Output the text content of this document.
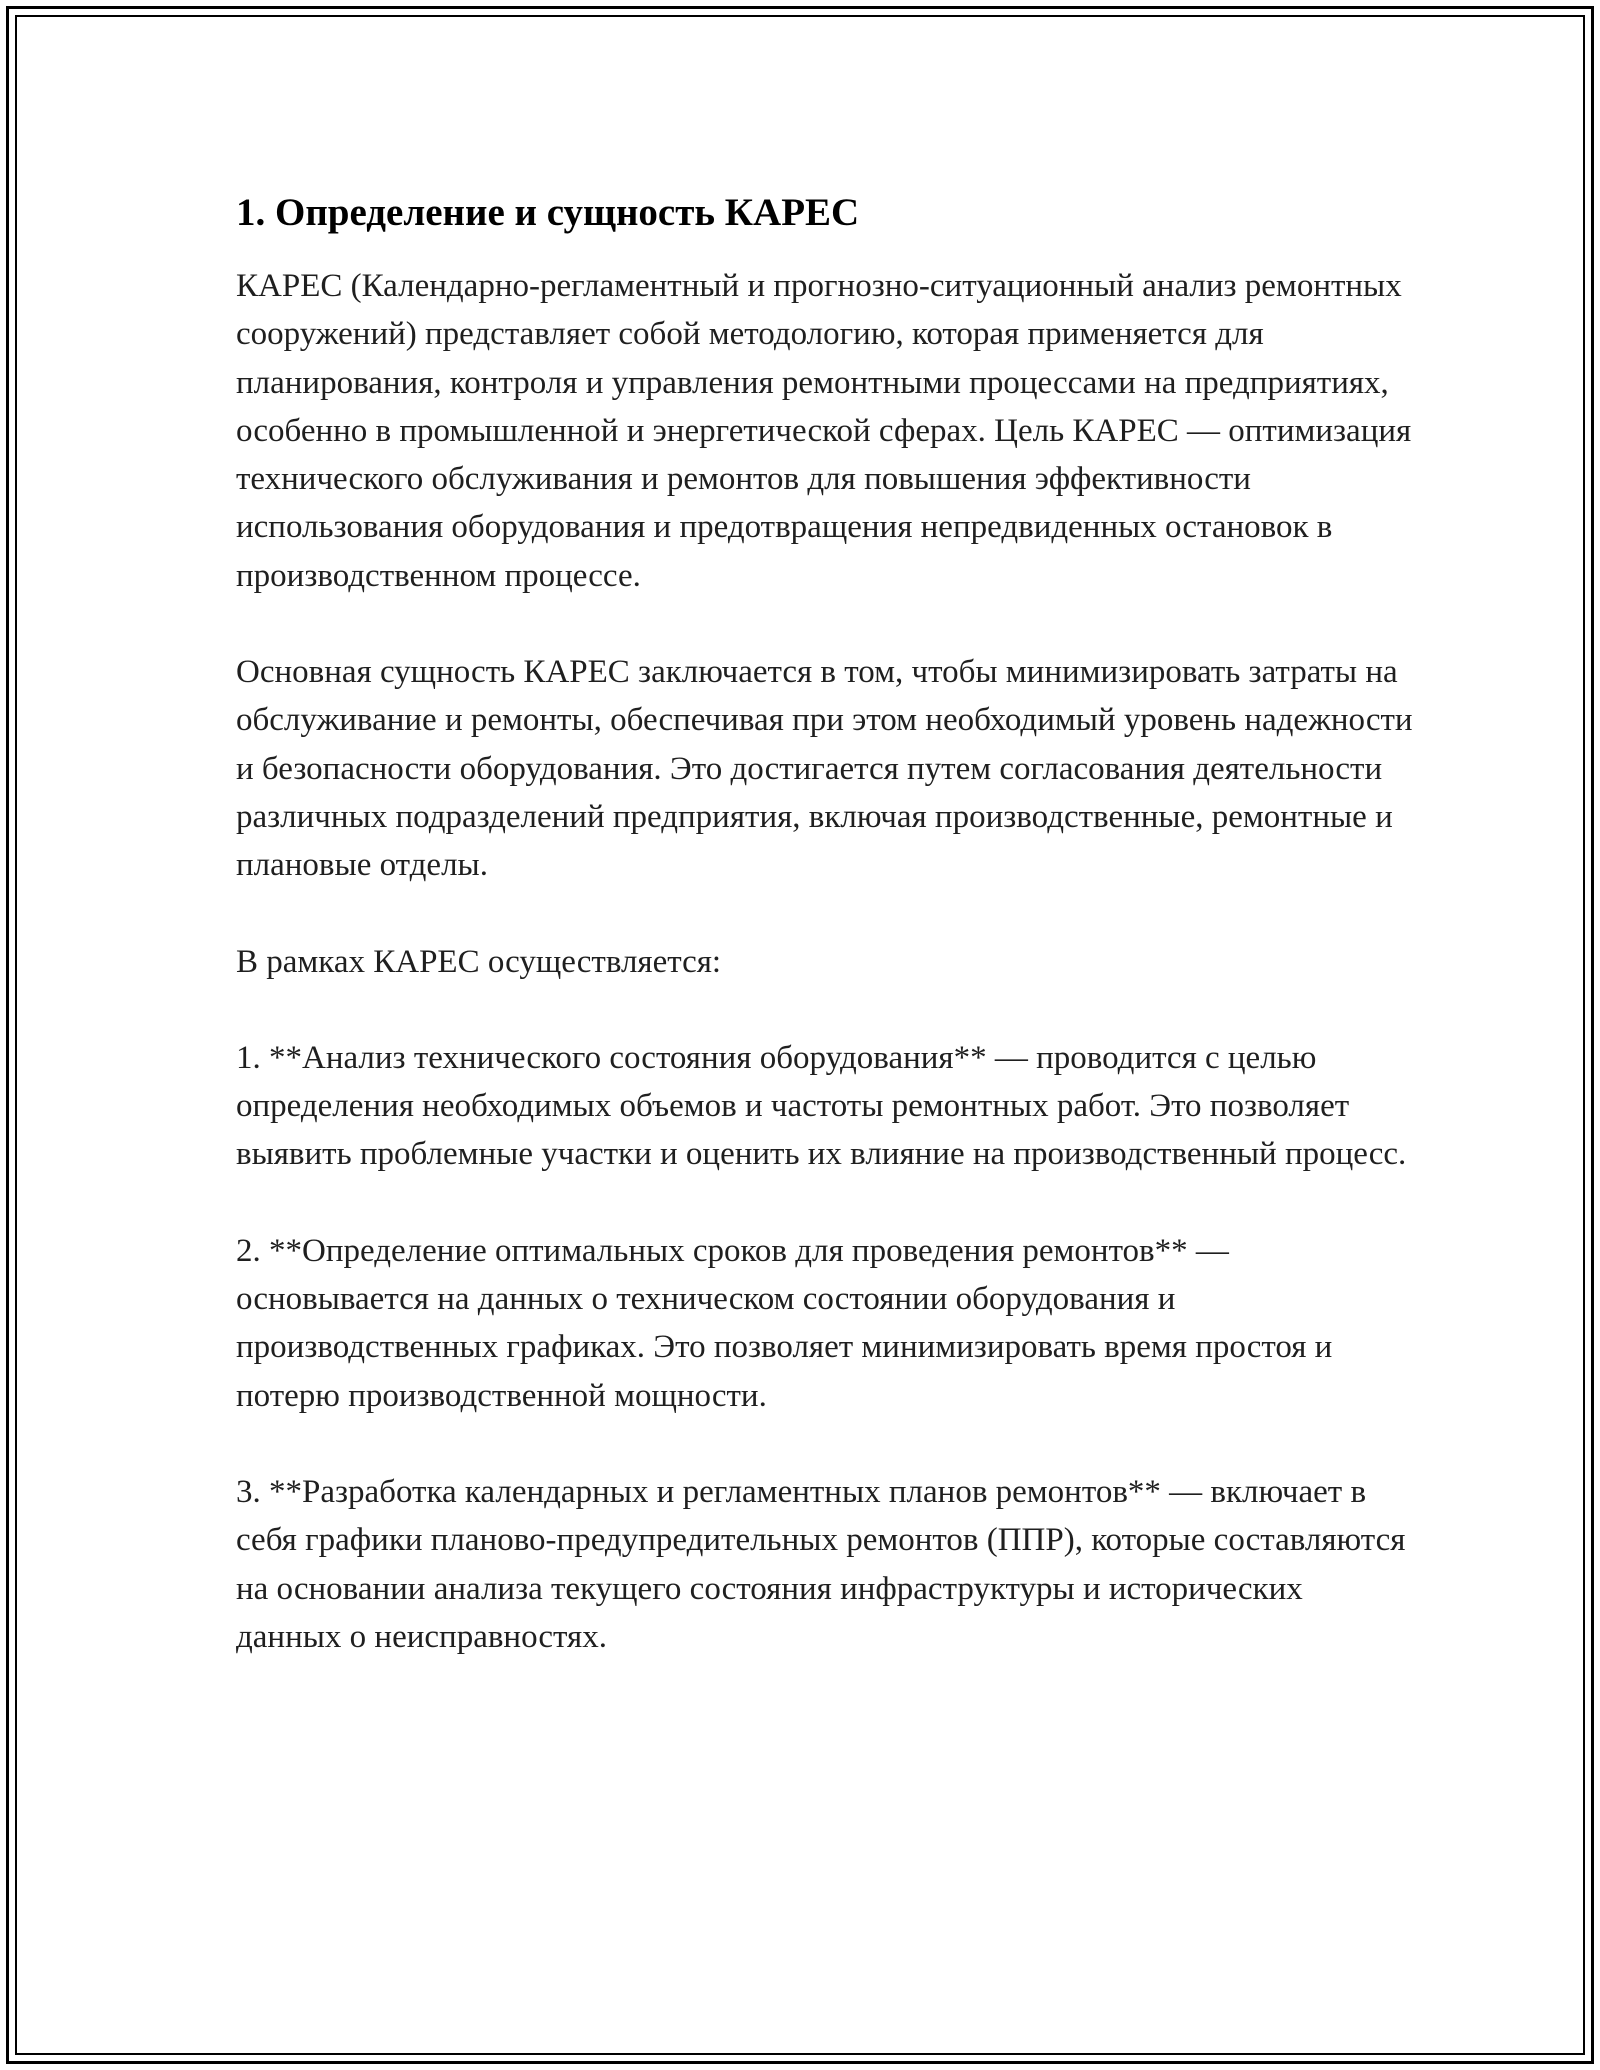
1. Определение и сущность КАРЕС

КАРЕС (Календарно-регламентный и прогнозно-ситуационный анализ ремонтных сооружений) представляет собой методологию, которая применяется для планирования, контроля и управления ремонтными процессами на предприятиях, особенно в промышленной и энергетической сферах. Цель КАРЕС — оптимизация технического обслуживания и ремонтов для повышения эффективности использования оборудования и предотвращения непредвиденных остановок в производственном процессе.

Основная сущность КАРЕС заключается в том, чтобы минимизировать затраты на обслуживание и ремонты, обеспечивая при этом необходимый уровень надежности и безопасности оборудования. Это достигается путем согласования деятельности различных подразделений предприятия, включая производственные, ремонтные и плановые отделы.

В рамках КАРЕС осуществляется:

1. **Анализ технического состояния оборудования** — проводится с целью определения необходимых объемов и частоты ремонтных работ. Это позволяет выявить проблемные участки и оценить их влияние на производственный процесс.

2. **Определение оптимальных сроков для проведения ремонтов** — основывается на данных о техническом состоянии оборудования и производственных графиках. Это позволяет минимизировать время простоя и потерю производственной мощности.

3. **Разработка календарных и регламентных планов ремонтов** — включает в себя графики планово-предупредительных ремонтов (ППР), которые составляются на основании анализа текущего состояния инфраструктуры и исторических данных о неисправностях.
